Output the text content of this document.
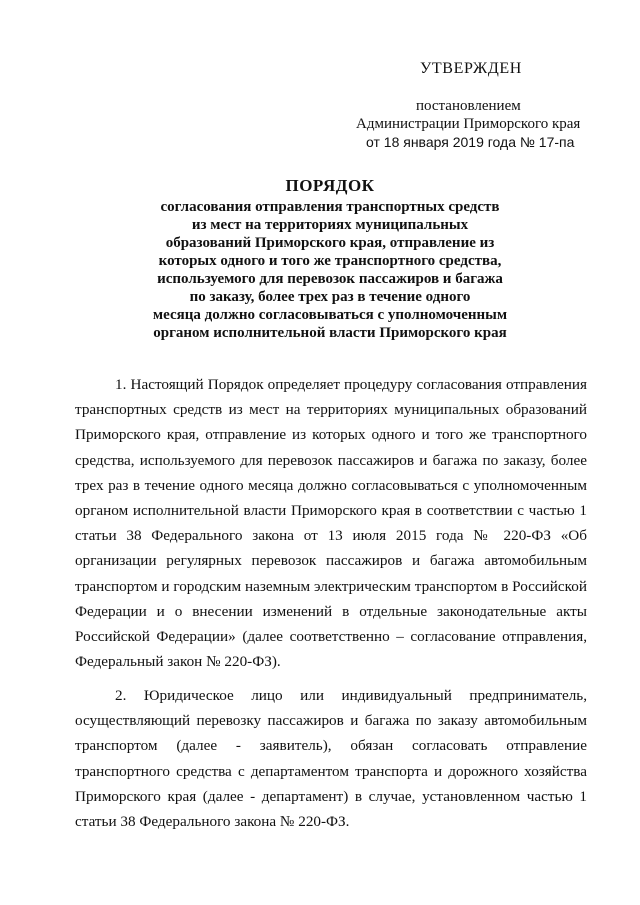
УТВЕРЖДЕН
постановлением
Администрации Приморского края
от 18 января 2019 года № 17-па
ПОРЯДОК
согласования отправления транспортных средств
из мест на территориях муниципальных
образований Приморского края, отправление из
которых одного и того же транспортного средства,
используемого для перевозок пассажиров и багажа
по заказу, более трех раз в течение одного
месяца должно согласовываться с уполномоченным
органом исполнительной власти Приморского края
1. Настоящий Порядок определяет процедуру согласования отправления
транспортных средств из мест на территориях муниципальных образований
Приморского края, отправление из которых одного и того же транспортного
средства, используемого для перевозок пассажиров и багажа по заказу, более
трех раз в течение одного месяца должно согласовываться с уполномоченным
органом исполнительной власти Приморского края в соответствии с частью 1
статьи 38 Федерального закона от 13 июля 2015 года № 220-ФЗ «Об
организации регулярных перевозок пассажиров и багажа автомобильным
транспортом и городским наземным электрическим транспортом в Российской
Федерации и о внесении изменений в отдельные законодательные акты
Российской Федерации» (далее соответственно – согласование отправления,
Федеральный закон № 220-ФЗ).
2. Юридическое лицо или индивидуальный предприниматель,
осуществляющий перевозку пассажиров и багажа по заказу автомобильным
транспортом (далее - заявитель), обязан согласовать отправление
транспортного средства с департаментом транспорта и дорожного хозяйства
Приморского края (далее - департамент) в случае, установленном частью 1
статьи 38 Федерального закона № 220-ФЗ.
